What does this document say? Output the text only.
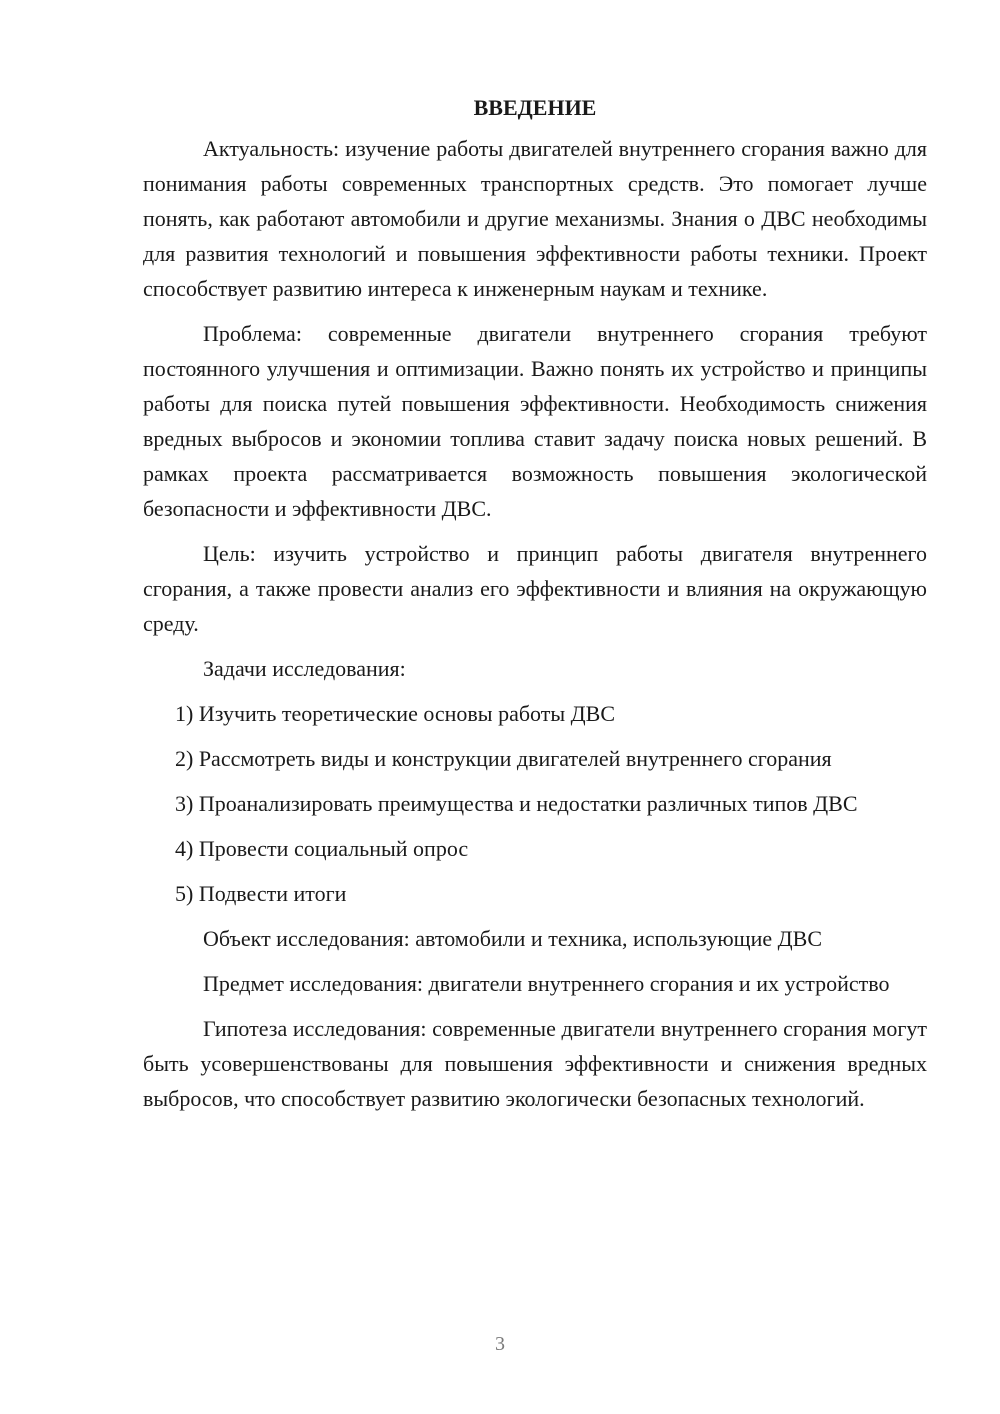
ВВЕДЕНИЕ

Актуальность: изучение работы двигателей внутреннего сгорания важно для понимания работы современных транспортных средств. Это помогает лучше понять, как работают автомобили и другие механизмы. Знания о ДВС необходимы для развития технологий и повышения эффективности работы техники. Проект способствует развитию интереса к инженерным наукам и технике.

Проблема: современные двигатели внутреннего сгорания требуют постоянного улучшения и оптимизации. Важно понять их устройство и принципы работы для поиска путей повышения эффективности. Необходимость снижения вредных выбросов и экономии топлива ставит задачу поиска новых решений. В рамках проекта рассматривается возможность повышения экологической безопасности и эффективности ДВС.

Цель: изучить устройство и принцип работы двигателя внутреннего сгорания, а также провести анализ его эффективности и влияния на окружающую среду.

Задачи исследования:

1) Изучить теоретические основы работы ДВС

2) Рассмотреть виды и конструкции двигателей внутреннего сгорания

3) Проанализировать преимущества и недостатки различных типов ДВС

4) Провести социальный опрос

5) Подвести итоги

Объект исследования: автомобили и техника, использующие ДВС

Предмет исследования: двигатели внутреннего сгорания и их устройство

Гипотеза исследования: современные двигатели внутреннего сгорания могут быть усовершенствованы для повышения эффективности и снижения вредных выбросов, что способствует развитию экологически безопасных технологий.

3
